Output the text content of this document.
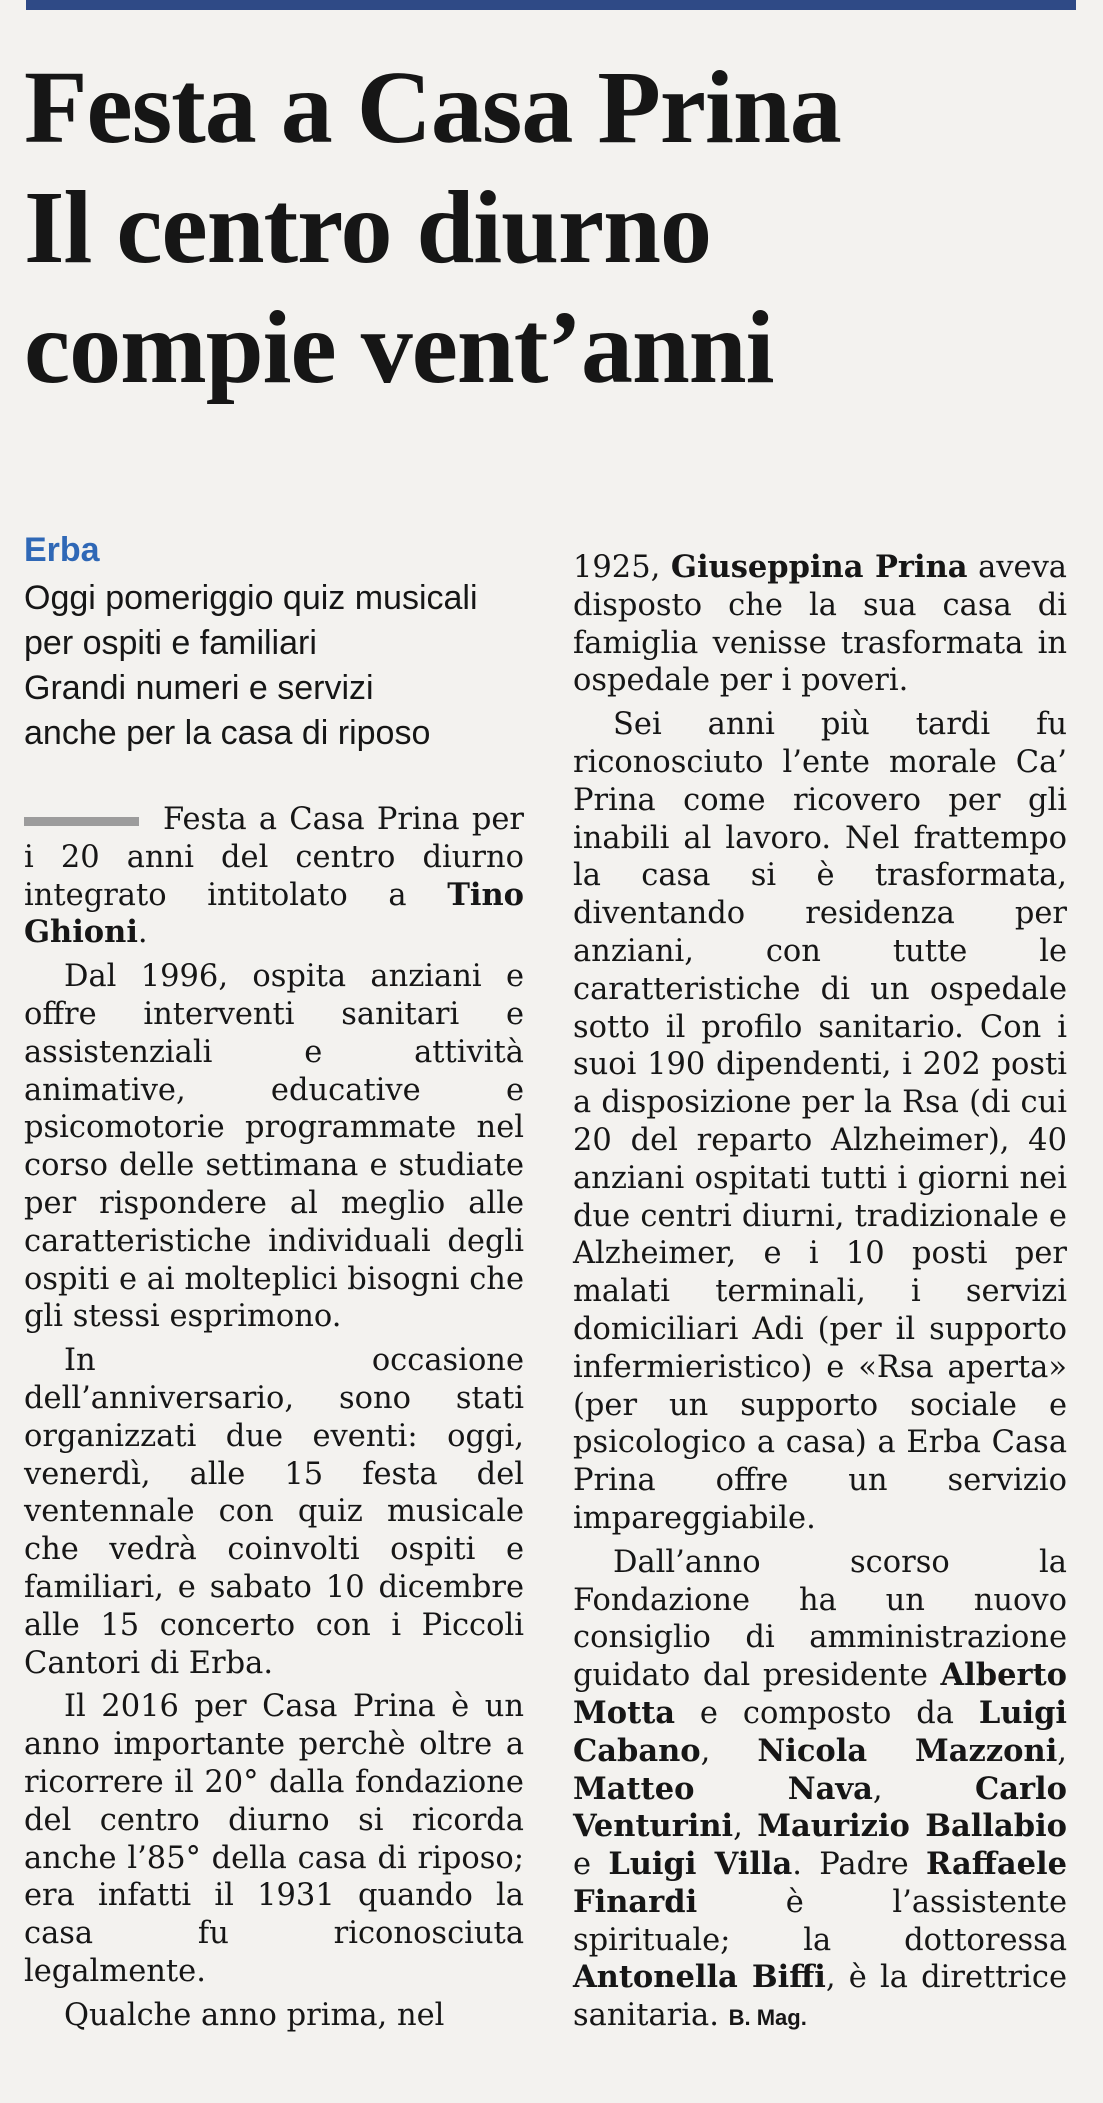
Festa a Casa Prina
Il centro diurno
compie vent’anni
Erba
Oggi pomeriggio quiz musicali
per ospiti e familiari
Grandi numeri e servizi
anche per la casa di riposo

Festa a Casa Prina per i 20 anni del centro diurno integrato intitolato a Tino Ghioni.

Dal 1996, ospita anziani e offre interventi sanitari e assistenziali e attività animative, educative e psicomotorie programmate nel corso delle settimana e studiate per rispondere al meglio alle caratteristiche individuali degli ospiti e ai molteplici bisogni che gli stessi esprimono.

In occasione dell’anniversario, sono stati organizzati due eventi: oggi, venerdì, alle 15 festa del ventennale con quiz musicale che vedrà coinvolti ospiti e familiari, e sabato 10 dicembre alle 15 concerto con i Piccoli Cantori di Erba.

Il 2016 per Casa Prina è un anno importante perchè oltre a ricorrere il 20° dalla fondazione del centro diurno si ricorda anche l’85° della casa di riposo; era infatti il 1931 quando la casa fu riconosciuta legalmente.

Qualche anno prima, nel

1925, Giuseppina Prina aveva disposto che la sua casa di famiglia venisse trasformata in ospedale per i poveri.

Sei anni più tardi fu riconosciuto l’ente morale Ca’ Prina come ricovero per gli inabili al lavoro. Nel frattempo la casa si è trasformata, diventando residenza per anziani, con tutte le caratteristiche di un ospedale sotto il profilo sanitario. Con i suoi 190 dipendenti, i 202 posti a disposizione per la Rsa (di cui 20 del reparto Alzheimer), 40 anziani ospitati tutti i giorni nei due centri diurni, tradizionale e Alzheimer, e i 10 posti per malati terminali, i servizi domiciliari Adi (per il supporto infermieristico) e «Rsa aperta» (per un supporto sociale e psicologico a casa) a Erba Casa Prina offre un servizio impareggiabile.

Dall’anno scorso la Fondazione ha un nuovo consiglio di amministrazione guidato dal presidente Alberto Motta e composto da Luigi Cabano, Nicola Mazzoni, Matteo Nava, Carlo Venturini, Maurizio Ballabio e Luigi Villa. Padre Raffaele Finardi è l’assistente spirituale; la dottoressa Antonella Biffi, è la direttrice sanitaria. B. Mag.
